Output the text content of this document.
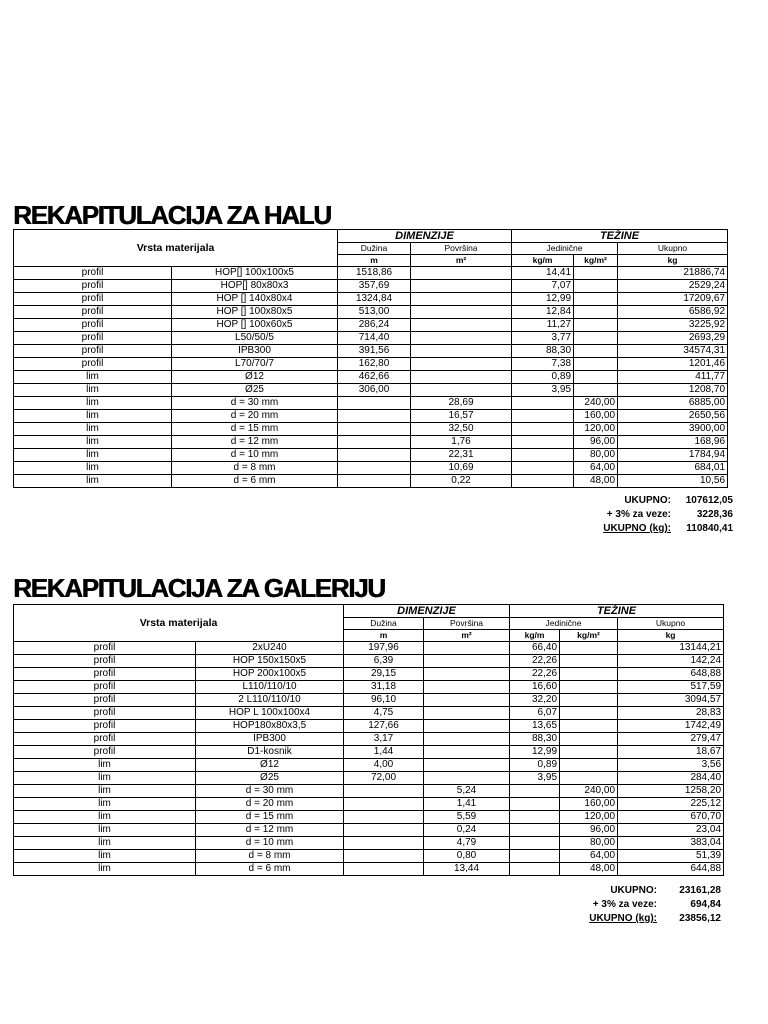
REKAPITULACIJA ZA HALU
Vrsta materijala		DIMENZIJE		TEŽINE		
		Dužina	Površina	Jedinične		Ukupno
		m	m²	kg/m	kg/m²	kg
profil	HOP[] 100x100x5	1518,86		14,41		21886,74
profil	HOP[] 80x80x3	357,69		7,07		2529,24
profil	HOP [] 140x80x4	1324,84		12,99		17209,67
profil	HOP [] 100x80x5	513,00		12,84		6586,92
profil	HOP [] 100x60x5	286,24		11,27		3225,92
profil	L50/50/5	714,40		3,77		2693,29
profil	IPB300	391,56		88,30		34574,31
profil	L70/70/7	162,80		7,38		1201,46
lim	Ø12	462,66		0,89		411,77
lim	Ø25	306,00		3,95		1208,70
lim	d = 30 mm		28,69		240,00	6885,00
lim	d = 20 mm		16,57		160,00	2650,56
lim	d = 15 mm		32,50		120,00	3900,00
lim	d = 12 mm		1,76		96,00	168,96
lim	d = 10 mm		22,31		80,00	1784,94
lim	d = 8 mm		10,69		64,00	684,01
lim	d = 6 mm		0,22		48,00	10,56
UKUPNO: 107612,05
+ 3% za veze:	3228,36
UKUPNO (kg): 110840,41
REKAPITULACIJA ZA GALERIJU
Vrsta materijala		DIMENZIJE		TEŽINE		
		Dužina	Površina	Jedinične		Ukupno
		m	m²	kg/m	kg/m²	kg
profil	2xU240	197,96		66,40		13144,21
profil	HOP 150x150x5	6,39		22,26		142,24
profil	HOP 200x100x5	29,15		22,26		648,88
profil	L110/110/10	31,18		16,60		517,59
profil	2 L110/110/10	96,10		32,20		3094,57
profil	HOP L 100x100x4	4,75		6,07		28,83
profil	HOP180x80x3,5	127,66		13,65		1742,49
profil	IPB300	3,17		88,30		279,47
profil	D1-kosnik	1,44		12,99		18,67
lim	Ø12	4,00		0,89		3,56
lim	Ø25	72,00		3,95		284,40
lim	d = 30 mm		5,24		240,00	1258,20
lim	d = 20 mm		1,41		160,00	225,12
lim	d = 15 mm		5,59		120,00	670,70
lim	d = 12 mm		0,24		96,00	23,04
lim	d = 10 mm		4,79		80,00	383,04
lim	d = 8 mm		0,80		64,00	51,39
lim	d = 6 mm		13,44		48,00	644,88
UKUPNO: 23161,28
+ 3% za veze:	694,84
UKUPNO (kg): 23856,12
